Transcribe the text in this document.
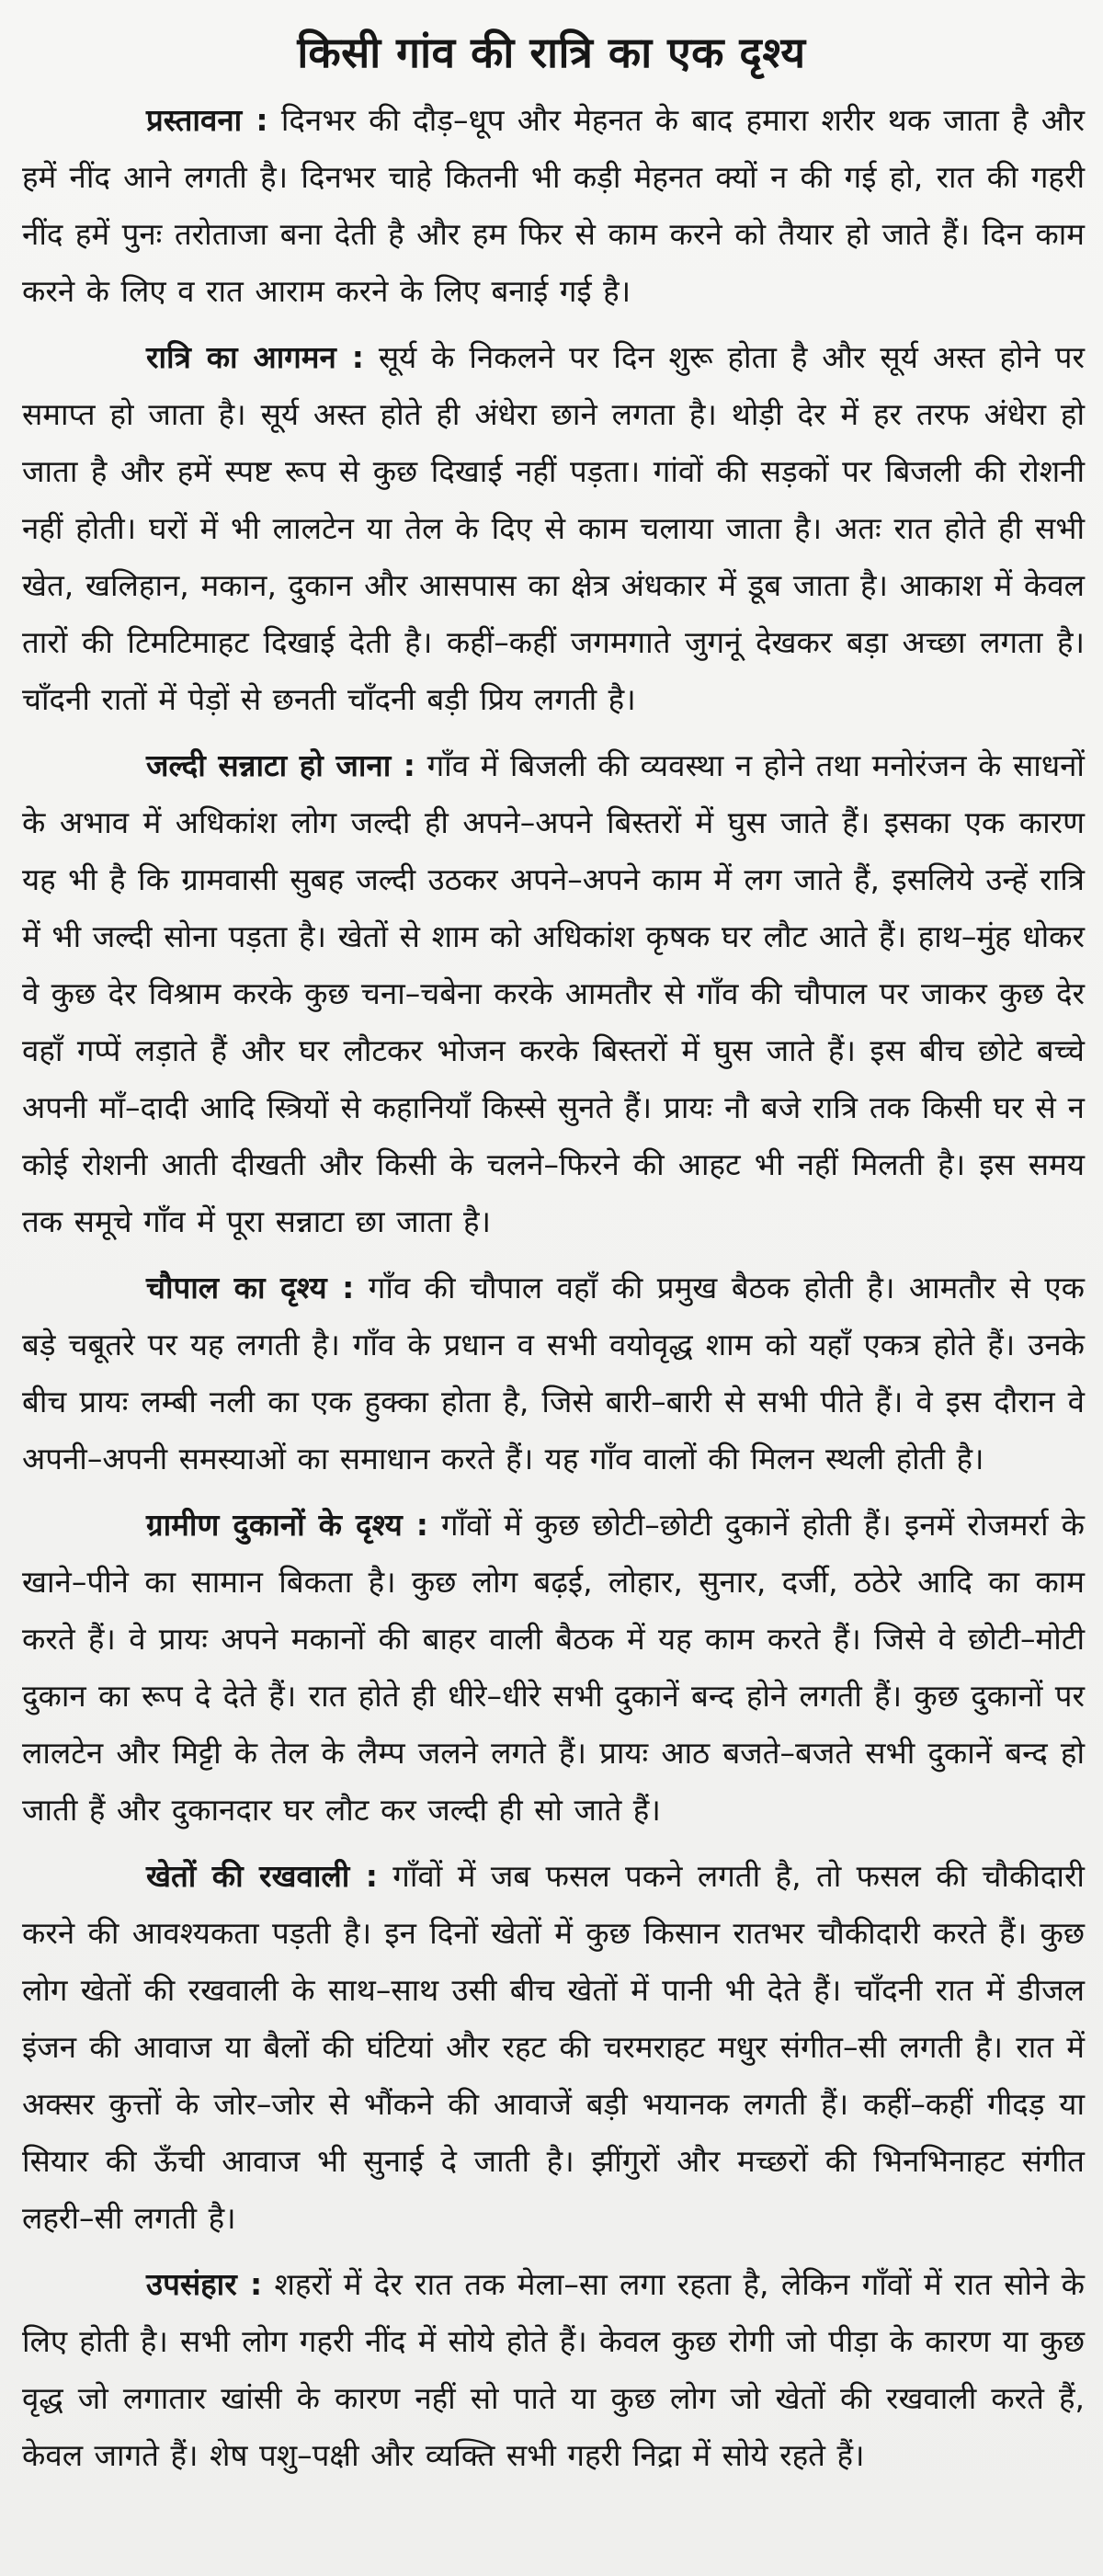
किसी गांव की रात्रि का एक दृश्य

प्रस्तावना : दिनभर की दौड़–धूप और मेहनत के बाद हमारा शरीर थक जाता है और हमें नींद आने लगती है। दिनभर चाहे कितनी भी कड़ी मेहनत क्यों न की गई हो, रात की गहरी नींद हमें पुनः तरोताजा बना देती है और हम फिर से काम करने को तैयार हो जाते हैं। दिन काम करने के लिए व रात आराम करने के लिए बनाई गई है।

रात्रि का आगमन : सूर्य के निकलने पर दिन शुरू होता है और सूर्य अस्त होने पर समाप्त हो जाता है। सूर्य अस्त होते ही अंधेरा छाने लगता है। थोड़ी देर में हर तरफ अंधेरा हो जाता है और हमें स्पष्ट रूप से कुछ दिखाई नहीं पड़ता। गांवों की सड़कों पर बिजली की रोशनी नहीं होती। घरों में भी लालटेन या तेल के दिए से काम चलाया जाता है। अतः रात होते ही सभी खेत, खलिहान, मकान, दुकान और आसपास का क्षेत्र अंधकार में डूब जाता है। आकाश में केवल तारों की टिमटिमाहट दिखाई देती है। कहीं–कहीं जगमगाते जुगनूं देखकर बड़ा अच्छा लगता है। चाँदनी रातों में पेड़ों से छनती चाँदनी बड़ी प्रिय लगती है।

जल्दी सन्नाटा हो जाना : गाँव में बिजली की व्यवस्था न होने तथा मनोरंजन के साधनों के अभाव में अधिकांश लोग जल्दी ही अपने–अपने बिस्तरों में घुस जाते हैं। इसका एक कारण यह भी है कि ग्रामवासी सुबह जल्दी उठकर अपने–अपने काम में लग जाते हैं, इसलिये उन्हें रात्रि में भी जल्दी सोना पड़ता है। खेतों से शाम को अधिकांश कृषक घर लौट आते हैं। हाथ–मुंह धोकर वे कुछ देर विश्राम करके कुछ चना–चबेना करके आमतौर से गाँव की चौपाल पर जाकर कुछ देर वहाँ गप्पें लड़ाते हैं और घर लौटकर भोजन करके बिस्तरों में घुस जाते हैं। इस बीच छोटे बच्चे अपनी माँ–दादी आदि स्त्रियों से कहानियाँ किस्से सुनते हैं। प्रायः नौ बजे रात्रि तक किसी घर से न कोई रोशनी आती दीखती और किसी के चलने–फिरने की आहट भी नहीं मिलती है। इस समय तक समूचे गाँव में पूरा सन्नाटा छा जाता है।

चौपाल का दृश्य : गाँव की चौपाल वहाँ की प्रमुख बैठक होती है। आमतौर से एक बड़े चबूतरे पर यह लगती है। गाँव के प्रधान व सभी वयोवृद्ध शाम को यहाँ एकत्र होते हैं। उनके बीच प्रायः लम्बी नली का एक हुक्का होता है, जिसे बारी–बारी से सभी पीते हैं। वे इस दौरान वे अपनी–अपनी समस्याओं का समाधान करते हैं। यह गाँव वालों की मिलन स्थली होती है।

ग्रामीण दुकानों के दृश्य : गाँवों में कुछ छोटी–छोटी दुकानें होती हैं। इनमें रोजमर्रा के खाने–पीने का सामान बिकता है। कुछ लोग बढ़ई, लोहार, सुनार, दर्जी, ठठेरे आदि का काम करते हैं। वे प्रायः अपने मकानों की बाहर वाली बैठक में यह काम करते हैं। जिसे वे छोटी–मोटी दुकान का रूप दे देते हैं। रात होते ही धीरे–धीरे सभी दुकानें बन्द होने लगती हैं। कुछ दुकानों पर लालटेन और मिट्टी के तेल के लैम्प जलने लगते हैं। प्रायः आठ बजते–बजते सभी दुकानें बन्द हो जाती हैं और दुकानदार घर लौट कर जल्दी ही सो जाते हैं।

खेतों की रखवाली : गाँवों में जब फसल पकने लगती है, तो फसल की चौकीदारी करने की आवश्यकता पड़ती है। इन दिनों खेतों में कुछ किसान रातभर चौकीदारी करते हैं। कुछ लोग खेतों की रखवाली के साथ–साथ उसी बीच खेतों में पानी भी देते हैं। चाँदनी रात में डीजल इंजन की आवाज या बैलों की घंटियां और रहट की चरमराहट मधुर संगीत–सी लगती है। रात में अक्सर कुत्तों के जोर–जोर से भौंकने की आवाजें बड़ी भयानक लगती हैं। कहीं–कहीं गीदड़ या सियार की ऊँची आवाज भी सुनाई दे जाती है। झींगुरों और मच्छरों की भिनभिनाहट संगीत लहरी–सी लगती है।

उपसंहार : शहरों में देर रात तक मेला–सा लगा रहता है, लेकिन गाँवों में रात सोने के लिए होती है। सभी लोग गहरी नींद में सोये होते हैं। केवल कुछ रोगी जो पीड़ा के कारण या कुछ वृद्ध जो लगातार खांसी के कारण नहीं सो पाते या कुछ लोग जो खेतों की रखवाली करते हैं, केवल जागते हैं। शेष पशु–पक्षी और व्यक्ति सभी गहरी निद्रा में सोये रहते हैं।
